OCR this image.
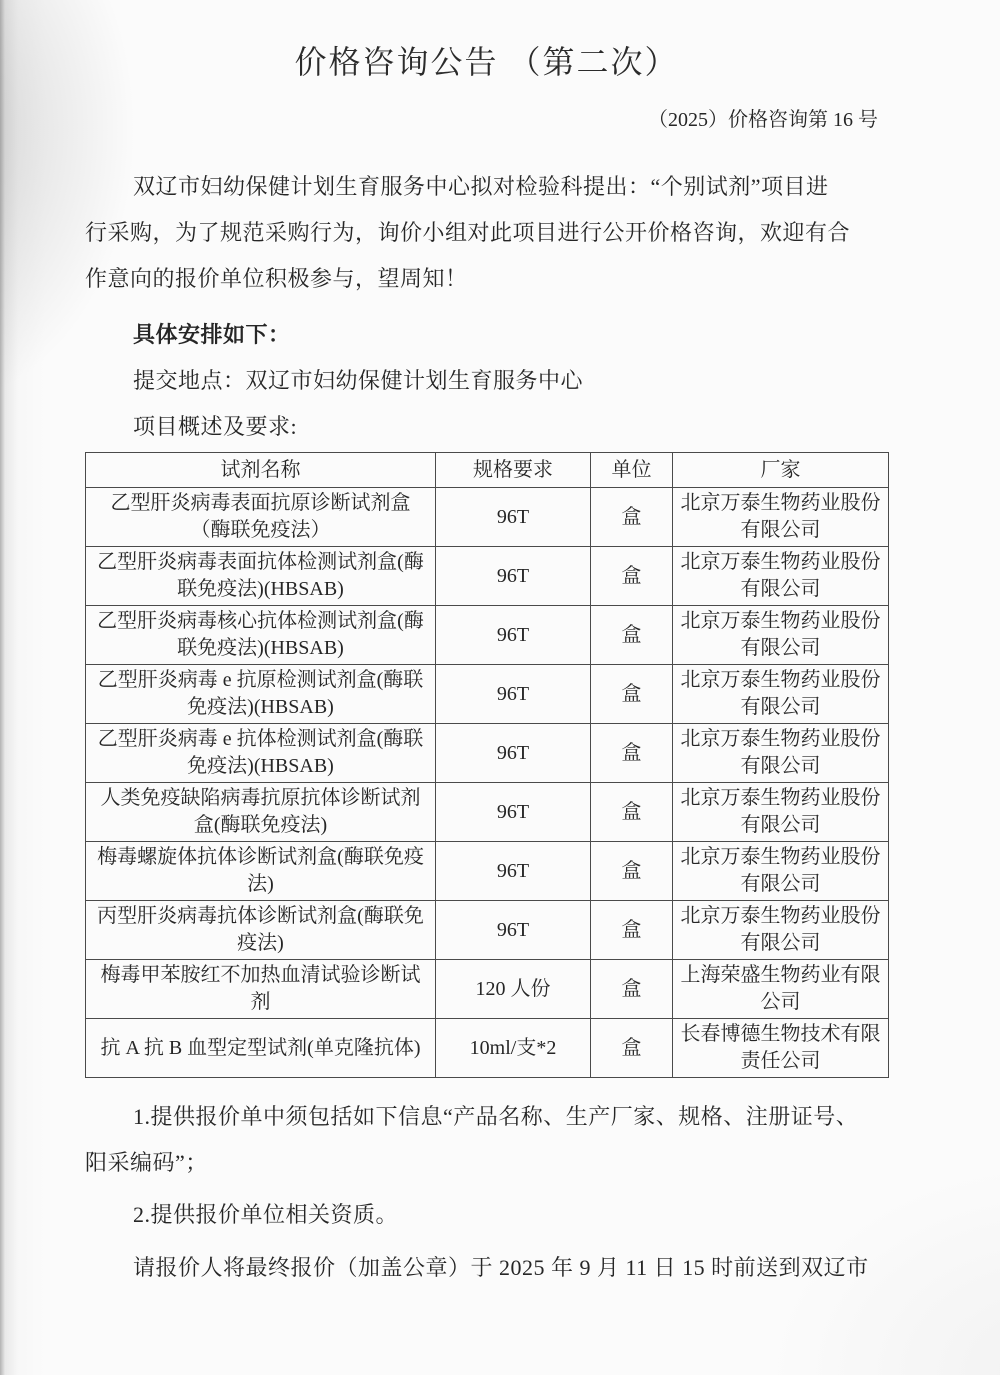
价格咨询公告 （第二次）
（2025）价格咨询第 16 号
双辽市妇幼保健计划生育服务中心拟对检验科提出：“个别试剂”项目进
行采购，为了规范采购行为，询价小组对此项目进行公开价格咨询，欢迎有合
作意向的报价单位积极参与，望周知！
具体安排如下：
提交地点：双辽市妇幼保健计划生育服务中心
项目概述及要求:
试剂名称	规格要求	单位	厂家
乙型肝炎病毒表面抗原诊断试剂盒（酶联免疫法）	96T	盒	北京万泰生物药业股份有限公司
乙型肝炎病毒表面抗体检测试剂盒(酶联免疫法)(HBSAB)	96T	盒	北京万泰生物药业股份有限公司
乙型肝炎病毒核心抗体检测试剂盒(酶联免疫法)(HBSAB)	96T	盒	北京万泰生物药业股份有限公司
乙型肝炎病毒 e 抗原检测试剂盒(酶联免疫法)(HBSAB)	96T	盒	北京万泰生物药业股份有限公司
乙型肝炎病毒 e 抗体检测试剂盒(酶联免疫法)(HBSAB)	96T	盒	北京万泰生物药业股份有限公司
人类免疫缺陷病毒抗原抗体诊断试剂盒(酶联免疫法)	96T	盒	北京万泰生物药业股份有限公司
梅毒螺旋体抗体诊断试剂盒(酶联免疫法)	96T	盒	北京万泰生物药业股份有限公司
丙型肝炎病毒抗体诊断试剂盒(酶联免疫法)	96T	盒	北京万泰生物药业股份有限公司
梅毒甲苯胺红不加热血清试验诊断试剂	120 人份	盒	上海荣盛生物药业有限公司
抗 A 抗 B 血型定型试剂(单克隆抗体)	10ml/支*2	盒	长春博德生物技术有限责任公司
1.提供报价单中须包括如下信息“产品名称、生产厂家、规格、注册证号、
阳采编码”；
2.提供报价单位相关资质。
请报价人将最终报价（加盖公章）于 2025 年 9 月 11 日 15 时前送到双辽市
